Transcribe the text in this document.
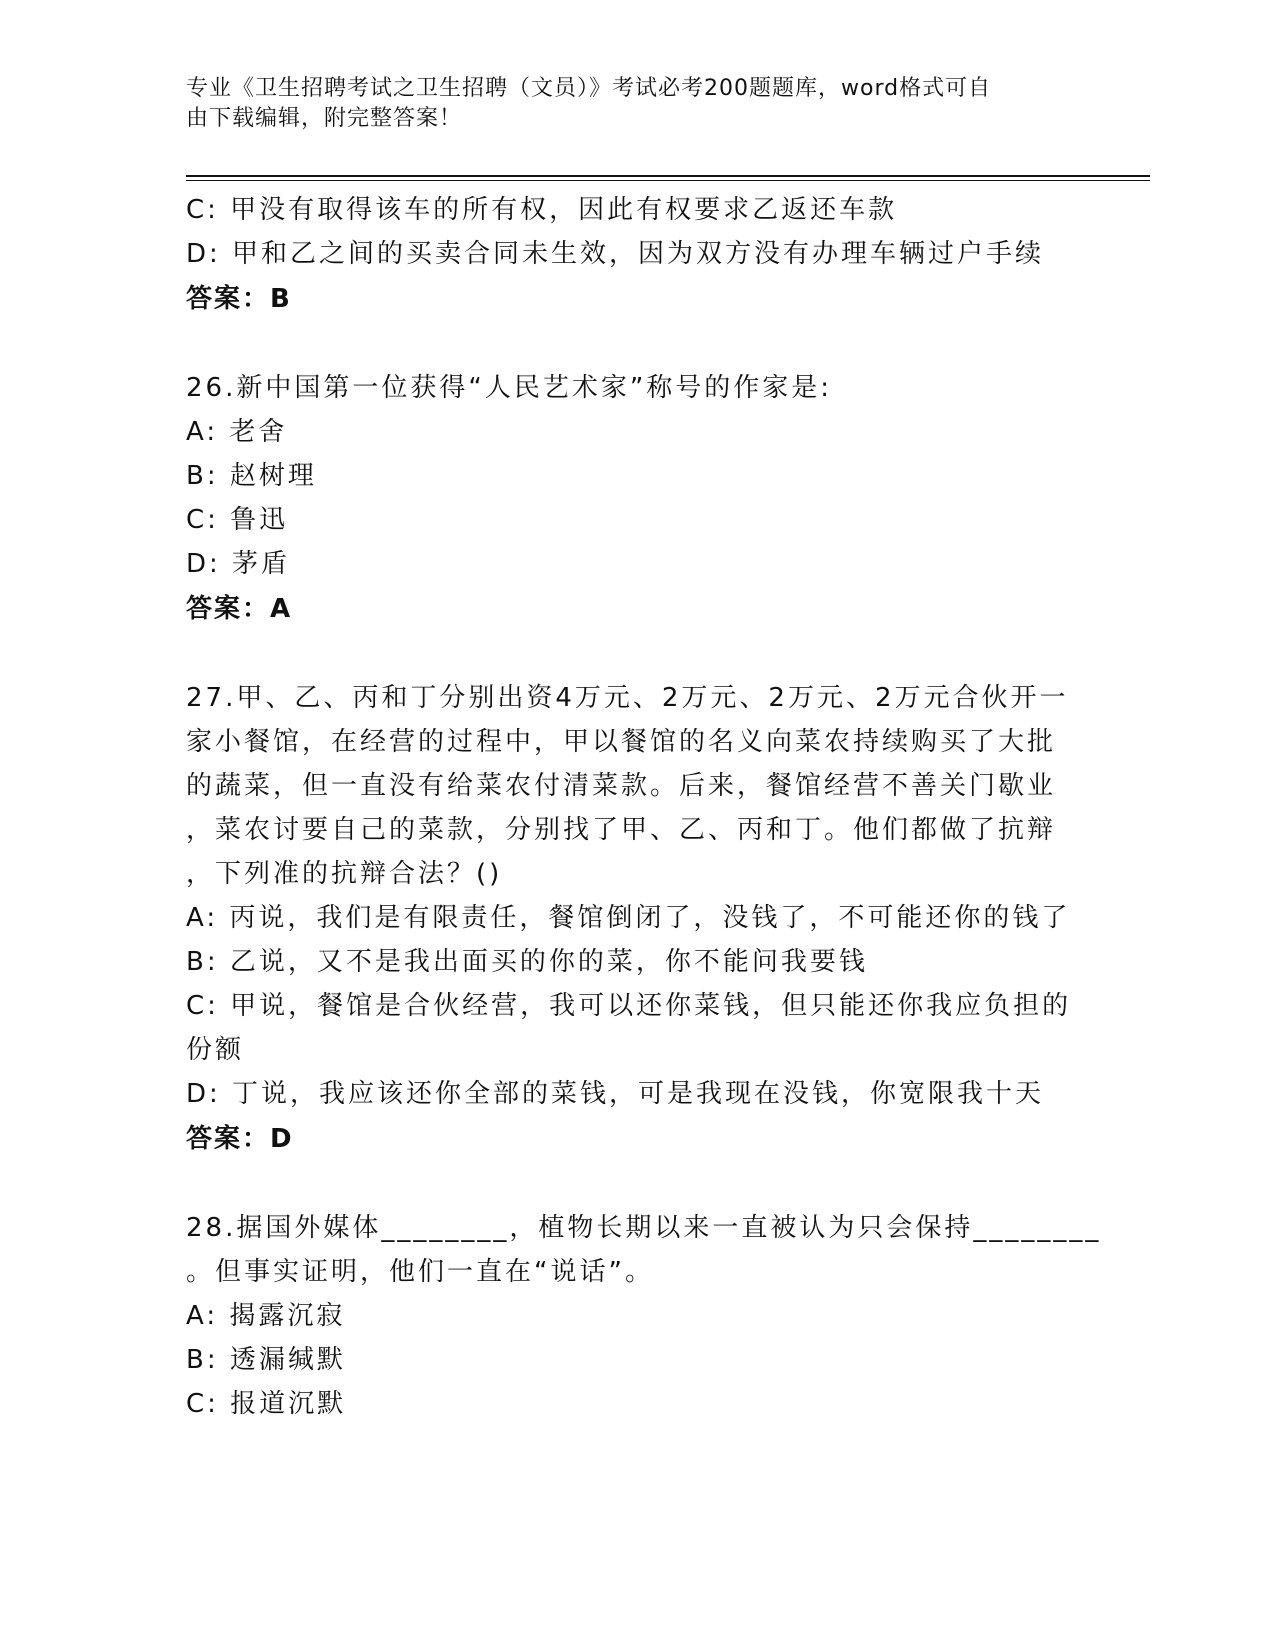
专业《卫生招聘考试之卫生招聘（文员）》考试必考200题题库，word格式可自
由下载编辑，附完整答案！
C: 甲没有取得该车的所有权，因此有权要求乙返还车款
D: 甲和乙之间的买卖合同未生效，因为双方没有办理车辆过户手续
答案：B
26.新中国第一位获得“人民艺术家”称号的作家是:
A: 老舍
B: 赵树理
C: 鲁迅
D: 茅盾
答案：A
27.甲、乙、丙和丁分别出资4万元、2万元、2万元、2万元合伙开一
家小餐馆，在经营的过程中，甲以餐馆的名义向菜农持续购买了大批
的蔬菜，但一直没有给菜农付清菜款。后来，餐馆经营不善关门歇业
，菜农讨要自己的菜款，分别找了甲、乙、丙和丁。他们都做了抗辩
，下列准的抗辩合法？()
A: 丙说，我们是有限责任，餐馆倒闭了，没钱了，不可能还你的钱了
B: 乙说，又不是我出面买的你的菜，你不能问我要钱
C: 甲说，餐馆是合伙经营，我可以还你菜钱，但只能还你我应负担的
份额
D: 丁说，我应该还你全部的菜钱，可是我现在没钱，你宽限我十天
答案：D
28.据国外媒体________，植物长期以来一直被认为只会保持________
。但事实证明，他们一直在“说话”。
A: 揭露沉寂
B: 透漏缄默
C: 报道沉默
